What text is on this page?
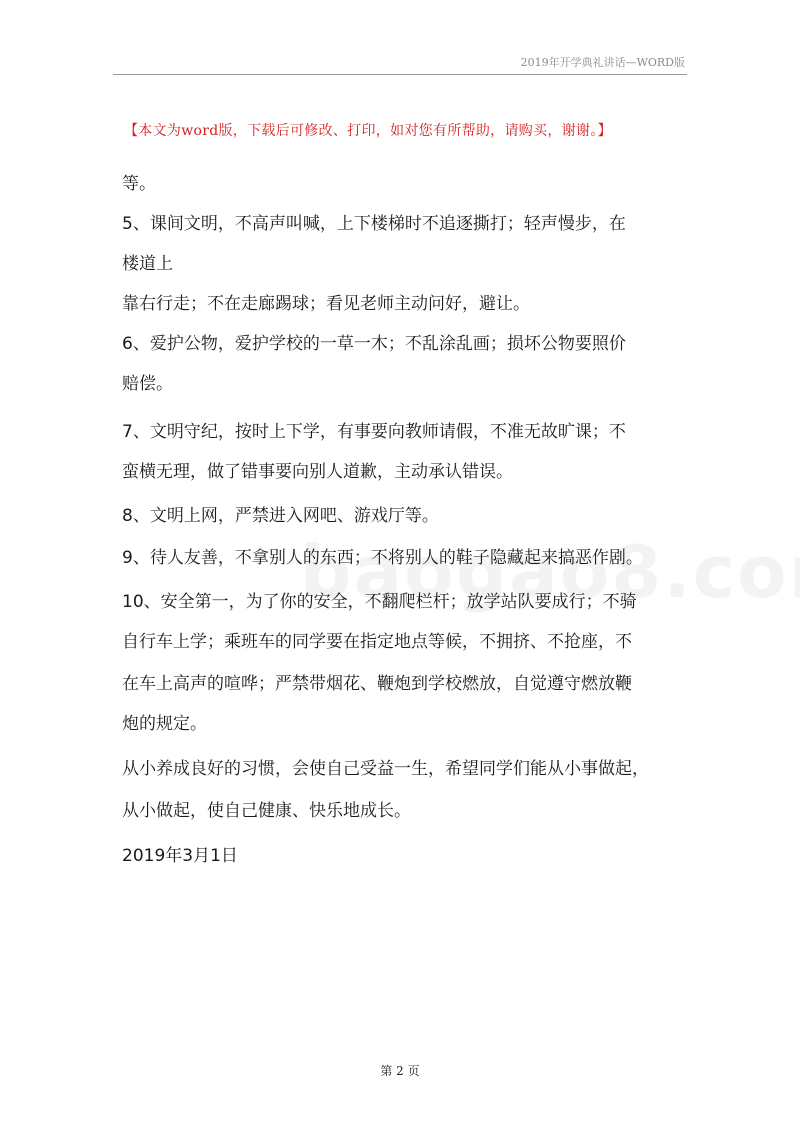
2019年开学典礼讲话—WORD版
【本文为word版，下载后可修改、打印，如对您有所帮助，请购买，谢谢。】
等。
5、课间文明，不高声叫喊，上下楼梯时不追逐撕打；轻声慢步，在
楼道上
靠右行走；不在走廊踢球；看见老师主动问好，避让。
6、爱护公物，爱护学校的一草一木；不乱涂乱画；损坏公物要照价
赔偿。
7、文明守纪，按时上下学，有事要向教师请假，不准无故旷课；不
蛮横无理，做了错事要向别人道歉，主动承认错误。
8、文明上网，严禁进入网吧、游戏厅等。
9、待人友善，不拿别人的东西；不将别人的鞋子隐藏起来搞恶作剧。
10、安全第一，为了你的安全，不翻爬栏杆；放学站队要成行；不骑
自行车上学；乘班车的同学要在指定地点等候，不拥挤、不抢座，不
在车上高声的喧哗；严禁带烟花、鞭炮到学校燃放，自觉遵守燃放鞭
炮的规定。
从小养成良好的习惯，会使自己受益一生，希望同学们能从小事做起，
从小做起，使自己健康、快乐地成长。
2019年3月1日
第 2 页
